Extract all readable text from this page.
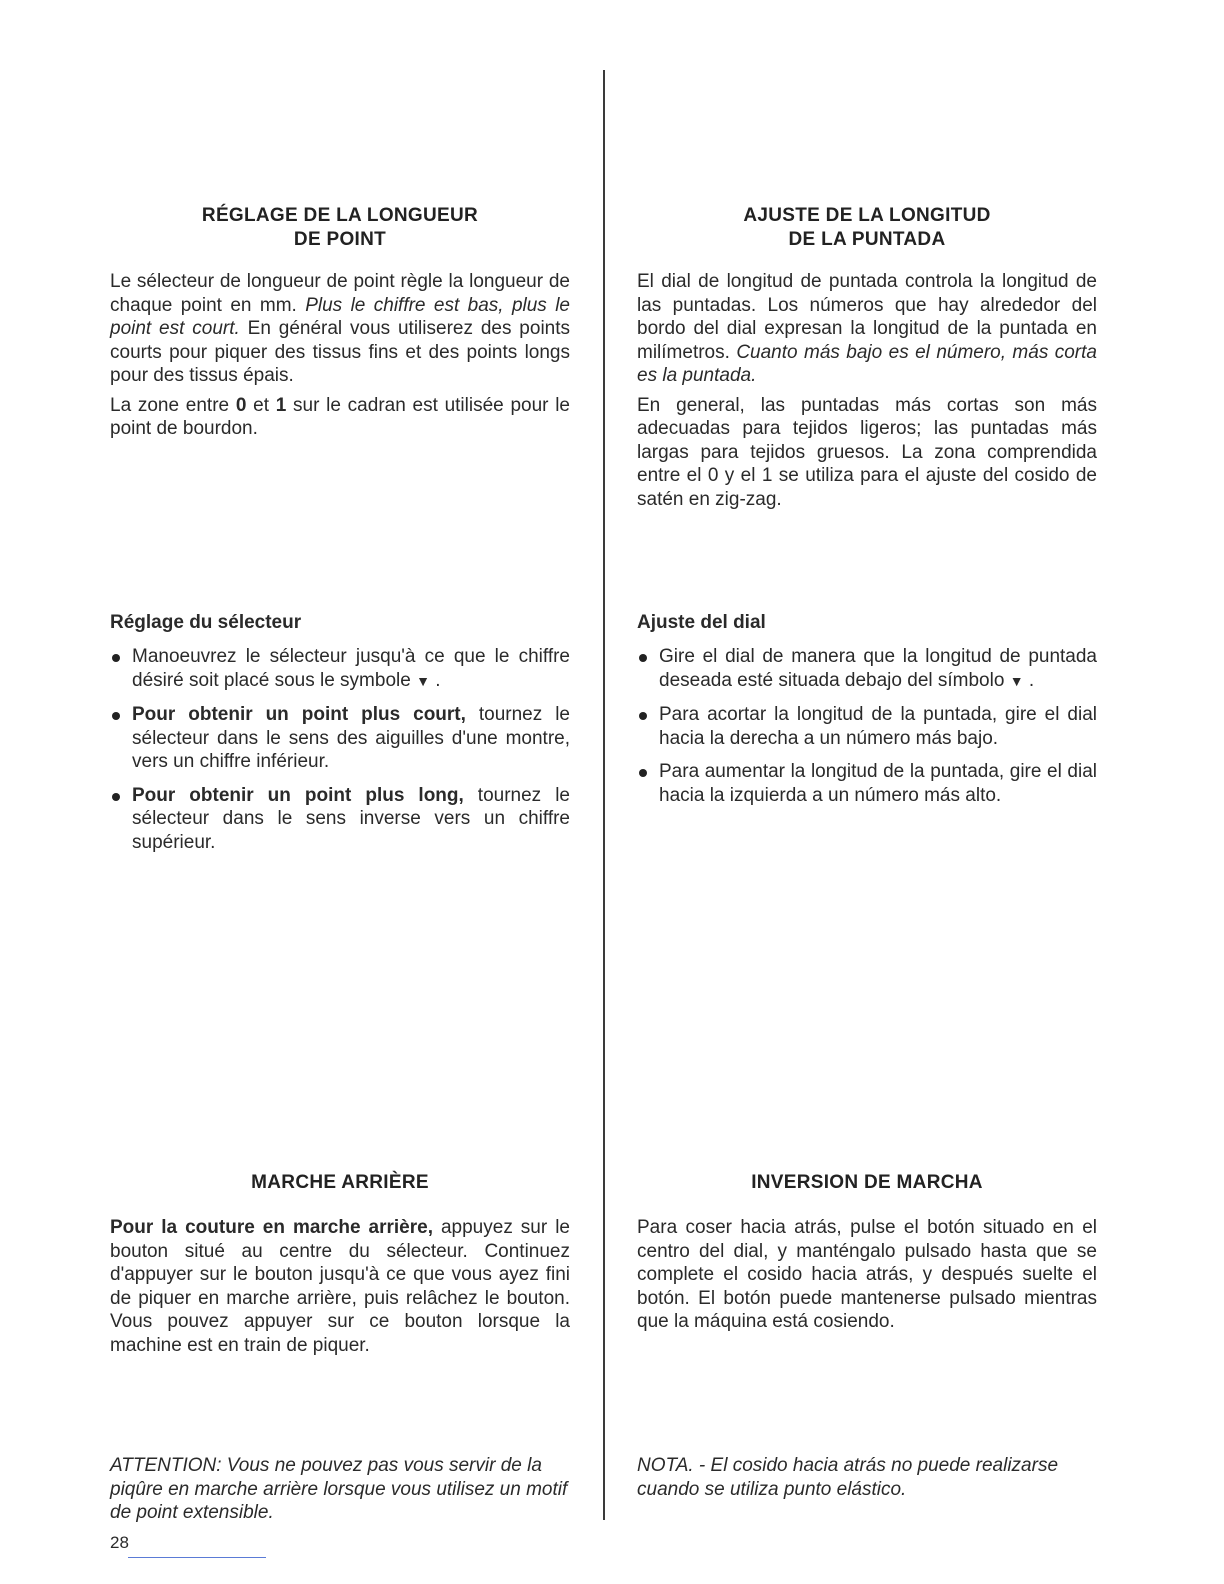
RÉGLAGE DE LA LONGUEUR
DE POINT

Le sélecteur de longueur de point règle la longueur de chaque point en mm. Plus le chiffre est bas, plus le point est court. En général vous utiliserez des points courts pour piquer des tissus fins et des points longs pour des tissus épais.

La zone entre 0 et 1 sur le cadran est utilisée pour le point de bourdon.

Réglage du sélecteur

Manoeuvrez le sélecteur jusqu'à ce que le chiffre désiré soit placé sous le symbole ▼ .
Pour obtenir un point plus court, tournez le sélecteur dans le sens des aiguilles d'une montre, vers un chiffre inférieur.
Pour obtenir un point plus long, tournez le sélecteur dans le sens inverse vers un chiffre supérieur.
MARCHE ARRIÈRE

Pour la couture en marche arrière, appuyez sur le bouton situé au centre du sélecteur. Continuez d'appuyer sur le bouton jusqu'à ce que vous ayez fini de piquer en marche arrière, puis relâchez le bouton. Vous pouvez appuyer sur ce bouton lorsque la machine est en train de piquer.

ATTENTION: Vous ne pouvez pas vous servir de la piqûre en marche arrière lorsque vous utilisez un motif de point extensible.

28
AJUSTE DE LA LONGITUD
DE LA PUNTADA

El dial de longitud de puntada controla la longitud de las puntadas. Los números que hay alrededor del bordo del dial expresan la longitud de la puntada en milímetros. Cuanto más bajo es el número, más corta es la puntada.

En general, las puntadas más cortas son más adecuadas para tejidos ligeros; las puntadas más largas para tejidos gruesos. La zona comprendida entre el 0 y el 1 se utiliza para el ajuste del cosido de satén en zig-zag.

Ajuste del dial

Gire el dial de manera que la longitud de puntada deseada esté situada debajo del símbolo ▼ .
Para acortar la longitud de la puntada, gire el dial hacia la derecha a un número más bajo.
Para aumentar la longitud de la puntada, gire el dial hacia la izquierda a un número más alto.
INVERSION DE MARCHA

Para coser hacia atrás, pulse el botón situado en el centro del dial, y manténgalo pulsado hasta que se complete el cosido hacia atrás, y después suelte el botón. El botón puede mantenerse pulsado mientras que la máquina está cosiendo.

NOTA. - El cosido hacia atrás no puede realizarse cuando se utiliza punto elástico.
